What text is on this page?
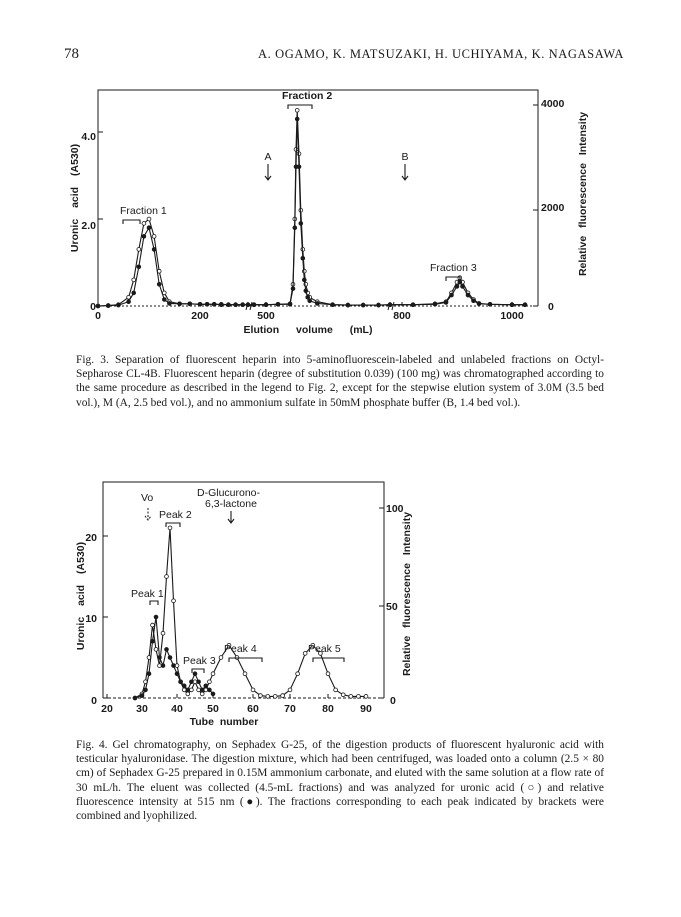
78	A. OGAMO, K. MATSUZAKI, H. UCHIYAMA, K. NAGASAWA
0	200	500	800	1000
Elution volume (mL)
0
2.0
4.0
0
2000
4000
Uronic acid (A530)	Relative fluorescence Intensity
Fraction 1
Fraction 2
Fraction 3
A	B

Fig. 3. Separation of fluorescent heparin into 5-aminofluorescein-labeled and unlabeled fractions on Octyl-Sepharose CL-4B. Fluorescent heparin (degree of substitution 0.039) (100 mg) was chromatographed according to the same procedure as described in the legend to Fig. 2, except for the stepwise elution system of 3.0M (3.5 bed vol.), M (A, 2.5 bed vol.), and no ammonium sulfate in 50mM phosphate buffer (B, 1.4 bed vol.).

20 30 40 50	60 70	80	90
Tube number
0
10
20
0
50
100
Uronic acid (A530)	Relative fluorescence Intensity
Vo	D-Glucurono-
6,3-lactone
Peak 1
Peak 2
Peak 3
Peak 4	Peak 5

Fig. 4. Gel chromatography, on Sephadex G-25, of the digestion products of fluorescent hyaluronic acid with testicular hyaluronidase. The digestion mixture, which had been centrifuged, was loaded onto a column (2.5 × 80 cm) of Sephadex G-25 prepared in 0.15M ammonium carbonate, and eluted with the same solution at a flow rate of 30 mL/h. The eluent was collected (4.5-mL fractions) and was analyzed for uronic acid (○) and relative fluorescence intensity at 515 nm (●). The fractions corresponding to each peak indicated by brackets were combined and lyophilized.
